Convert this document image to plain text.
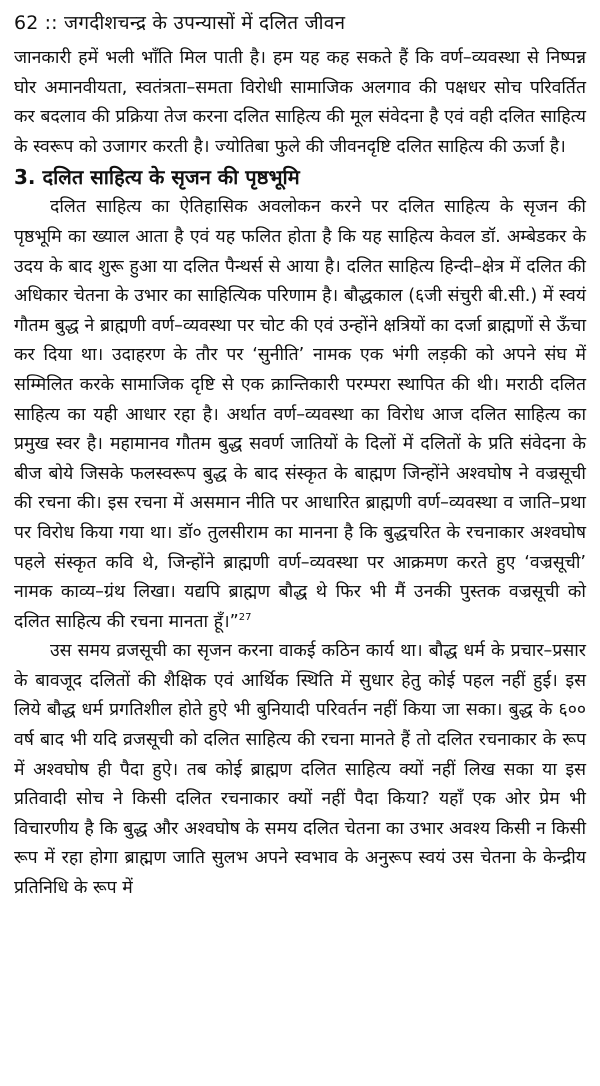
62 :: जगदीशचन्द्र के उपन्यासों में दलित जीवन

जानकारी हमें भली भाँति मिल पाती है। हम यह कह सकते हैं कि वर्ण–व्यवस्था से निष्पन्न घोर अमानवीयता, स्वतंत्रता–समता विरोधी सामाजिक अलगाव की पक्षधर सोच परिवर्तित कर बदलाव की प्रक्रिया तेज करना दलित साहित्य की मूल संवेदना है एवं वही दलित साहित्य के स्वरूप को उजागर करती है। ज्योतिबा फुले की जीवनदृष्टि दलित साहित्य की ऊर्जा है।

3. दलित साहित्य के सृजन की पृष्ठभूमि

दलित साहित्य का ऐतिहासिक अवलोकन करने पर दलित साहित्य के सृजन की पृष्ठभूमि का ख्याल आता है एवं यह फलित होता है कि यह साहित्य केवल डॉ. अम्बेडकर के उदय के बाद शुरू हुआ या दलित पैन्थर्स से आया है। दलित साहित्य हिन्दी–क्षेत्र में दलित की अधिकार चेतना के उभार का साहित्यिक परिणाम है। बौद्धकाल (६जी संचुरी बी.सी.) में स्वयं गौतम बुद्ध ने ब्राह्मणी वर्ण–व्यवस्था पर चोट की एवं उन्होंने क्षत्रियों का दर्जा ब्राह्मणों से ऊँचा कर दिया था। उदाहरण के तौर पर ‘सुनीति’ नामक एक भंगी लड़की को अपने संघ में सम्मिलित करके सामाजिक दृष्टि से एक क्रान्तिकारी परम्परा स्थापित की थी। मराठी दलित साहित्य का यही आधार रहा है। अर्थात वर्ण–व्यवस्था का विरोध आज दलित साहित्य का प्रमुख स्वर है। महामानव गौतम बुद्ध सवर्ण जातियों के दिलों में दलितों के प्रति संवेदना के बीज बोये जिसके फलस्वरूप बुद्ध के बाद संस्कृत के बाह्मण जिन्होंने अश्वघोष ने वज्रसूची की रचना की। इस रचना में असमान नीति पर आधारित ब्राह्मणी वर्ण–व्यवस्था व जाति–प्रथा पर विरोध किया गया था। डॉ० तुलसीराम का मानना है कि बुद्धचरित के रचनाकार अश्वघोष पहले संस्कृत कवि थे, जिन्होंने ब्राह्मणी वर्ण–व्यवस्था पर आक्रमण करते हुए ‘वज्रसूची’ नामक काव्य–ग्रंथ लिखा। यद्यपि ब्राह्मण बौद्ध थे फिर भी मैं उनकी पुस्तक वज्रसूची को दलित साहित्य की रचना मानता हूँ।”$^{27}$

उस समय व्रजसूची का सृजन करना वाकई कठिन कार्य था। बौद्ध धर्म के प्रचार–प्रसार के बावजूद दलितों की शैक्षिक एवं आर्थिक स्थिति में सुधार हेतु कोई पहल नहीं हुई। इस लिये बौद्ध धर्म प्रगतिशील होते हुऐ भी बुनियादी परिवर्तन नहीं किया जा सका। बुद्ध के ६०० वर्ष बाद भी यदि व्रजसूची को दलित साहित्य की रचना मानते हैं तो दलित रचनाकार के रूप में अश्वघोष ही पैदा हुऐ। तब कोई ब्राह्मण दलित साहित्य क्यों नहीं लिख सका या इस प्रतिवादी सोच ने किसी दलित रचनाकार क्यों नहीं पैदा किया? यहाँ एक ओर प्रेम भी विचारणीय है कि बुद्ध और अश्वघोष के समय दलित चेतना का उभार अवश्य किसी न किसी रूप में रहा होगा ब्राह्मण जाति सुलभ अपने स्वभाव के अनुरूप स्वयं उस चेतना के केन्द्रीय प्रतिनिधि के रूप में
